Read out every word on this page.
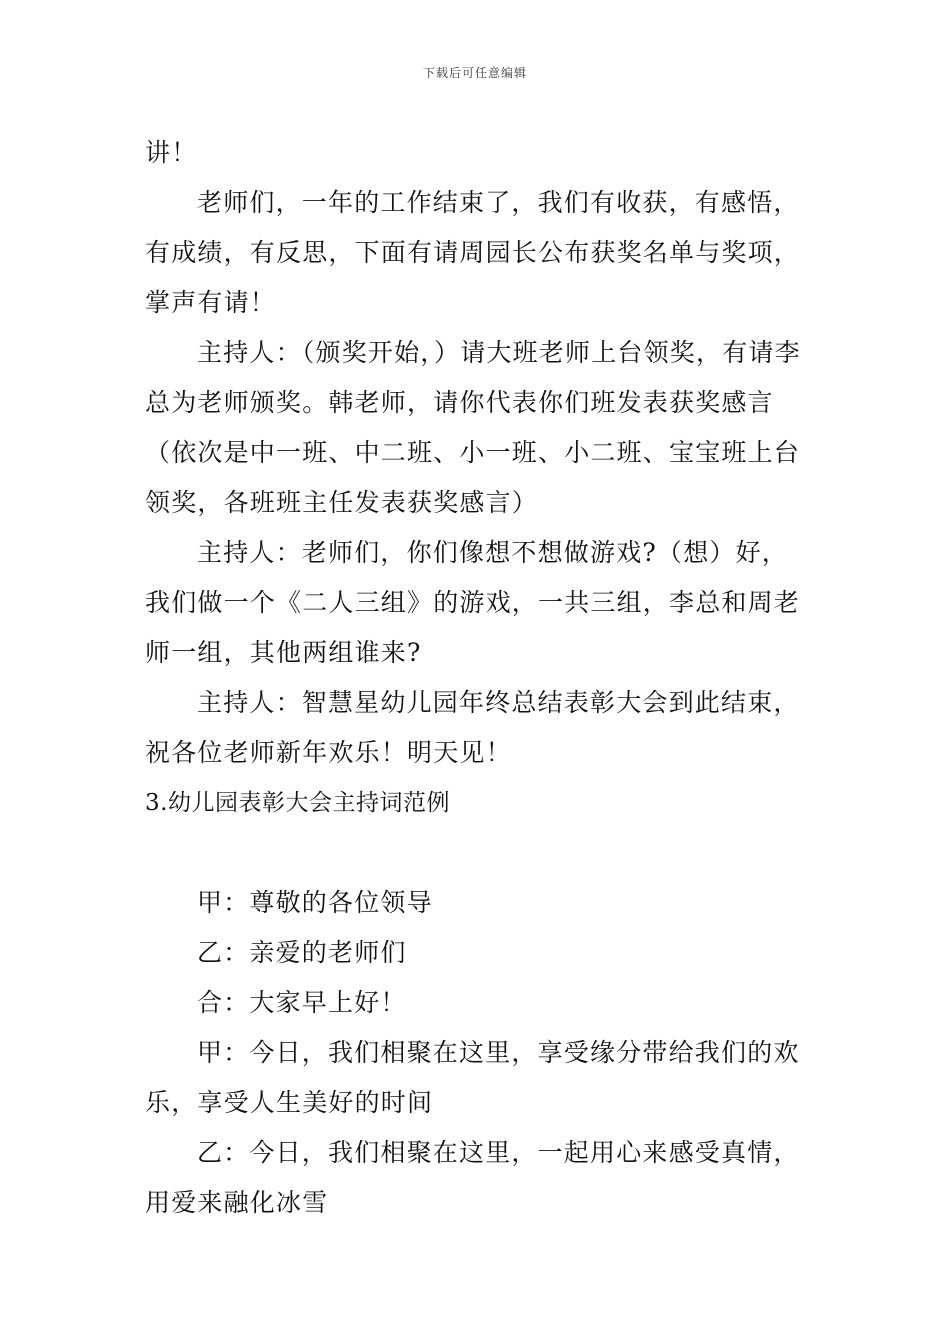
下载后可任意编辑

讲！

老师们，一年的工作结束了，我们有收获，有感悟，有成绩，有反思，下面有请周园长公布获奖名单与奖项，掌声有请！

主持人：（颁奖开始，）请大班老师上台领奖，有请李总为老师颁奖。韩老师，请你代表你们班发表获奖感言（依次是中一班、中二班、小一班、小二班、宝宝班上台领奖，各班班主任发表获奖感言）

主持人：老师们，你们像想不想做游戏?（想）好，我们做一个《二人三组》的游戏，一共三组，李总和周老师一组，其他两组谁来?

主持人：智慧星幼儿园年终总结表彰大会到此结束，祝各位老师新年欢乐！明天见！

3.幼儿园表彰大会主持词范例

甲：尊敬的各位领导

乙：亲爱的老师们

合：大家早上好！

甲：今日，我们相聚在这里，享受缘分带给我们的欢乐，享受人生美好的时间

乙：今日，我们相聚在这里，一起用心来感受真情，用爱来融化冰雪
